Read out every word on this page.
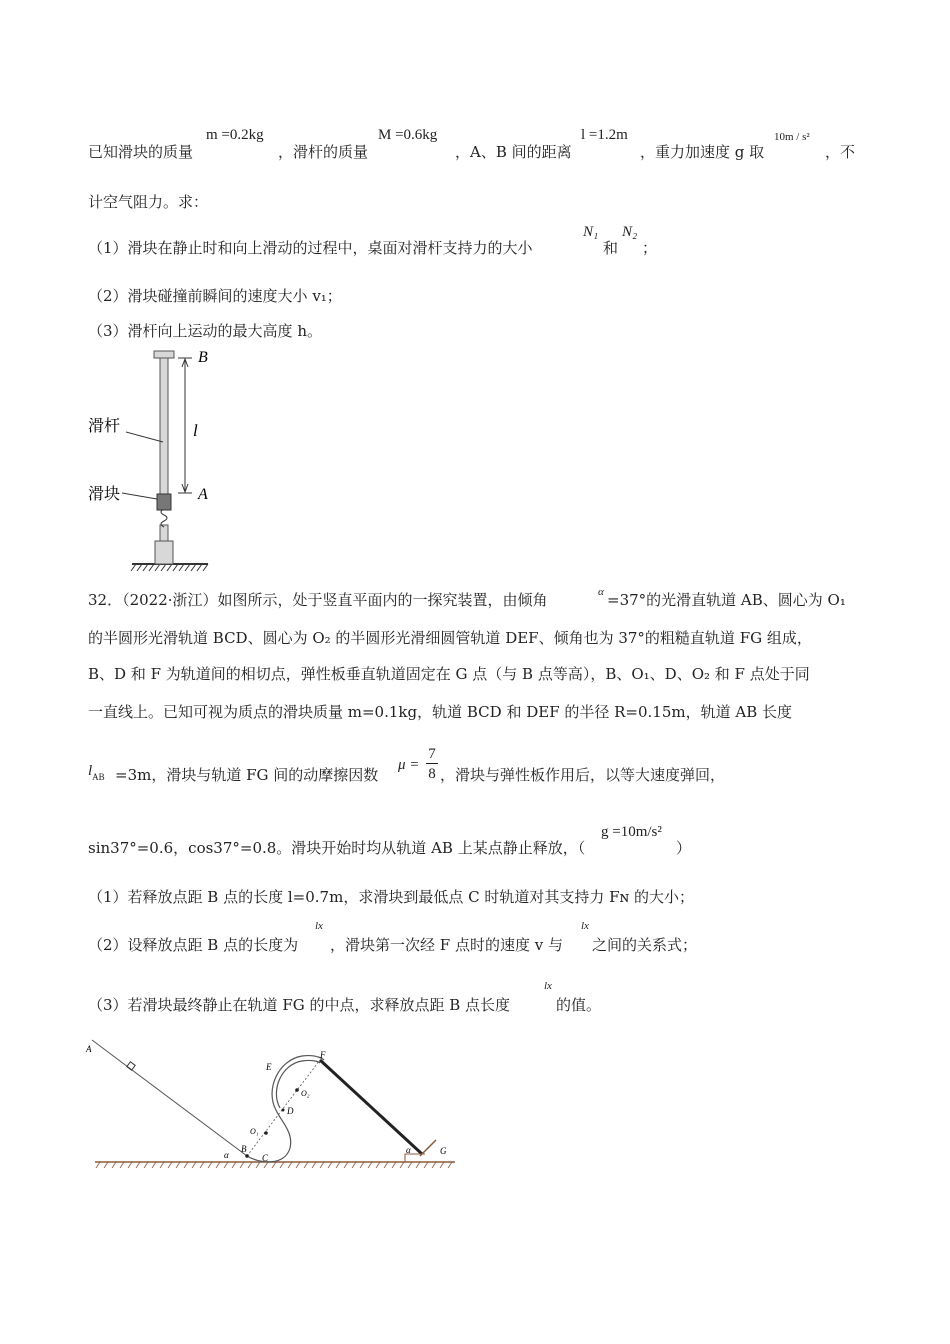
已知滑块的质量
m =0.2kg
，滑杆的质量
M =0.6kg
，A、B 间的距离
l =1.2m
，重力加速度 g 取
10m / s²
，不
计空气阻力。求：
（1）滑块在静止时和向上滑动的过程中，桌面对滑杆支持力的大小
N₁
和
N₂
；
（2）滑块碰撞前瞬间的速度大小 v₁；
（3）滑杆向上运动的最大高度 h。
B
A
l
滑杆
滑块
32．（2022·浙江）如图所示，处于竖直平面内的一探究装置，由倾角	α =37°的光滑直轨道 AB、圆心为 O₁
的半圆形光滑轨道 BCD、圆心为 O₂ 的半圆形光滑细圆管轨道 DEF、倾角也为 37°的粗糙直轨道 FG 组成，
B、D 和 F 为轨道间的相切点，弹性板垂直轨道固定在 G 点（与 B 点等高），B、O₁、D、O₂ 和 F 点处于同
一直线上。已知可视为质点的滑块质量 m=0.1kg，轨道 BCD 和 DEF 的半径 R=0.15m，轨道 AB 长度
$l_{AB} =3m$，滑块与轨道 FG 间的动摩擦因数
$\mu = \frac{7}{8}$ ，滑块与弹性板作用后，以等大速度弹回，
sin37°=0.6，cos37°=0.8。滑块开始时均从轨道 AB 上某点静止释放，（
g =10m/s²
）
（1）若释放点距 B 点的长度 l=0.7m，求滑块到最低点 C 时轨道对其支持力 Fɴ 的大小；
（2）设释放点距 B 点的长度为
lx
，滑块第一次经 F 点时的速度 v 与
lx
之间的关系式；
（3）若滑块最终静止在轨道 FG 的中点，求释放点距 B 点长度
lx
的值。
A
B
C
D
E
F
G
O₁
O₂
α	α
